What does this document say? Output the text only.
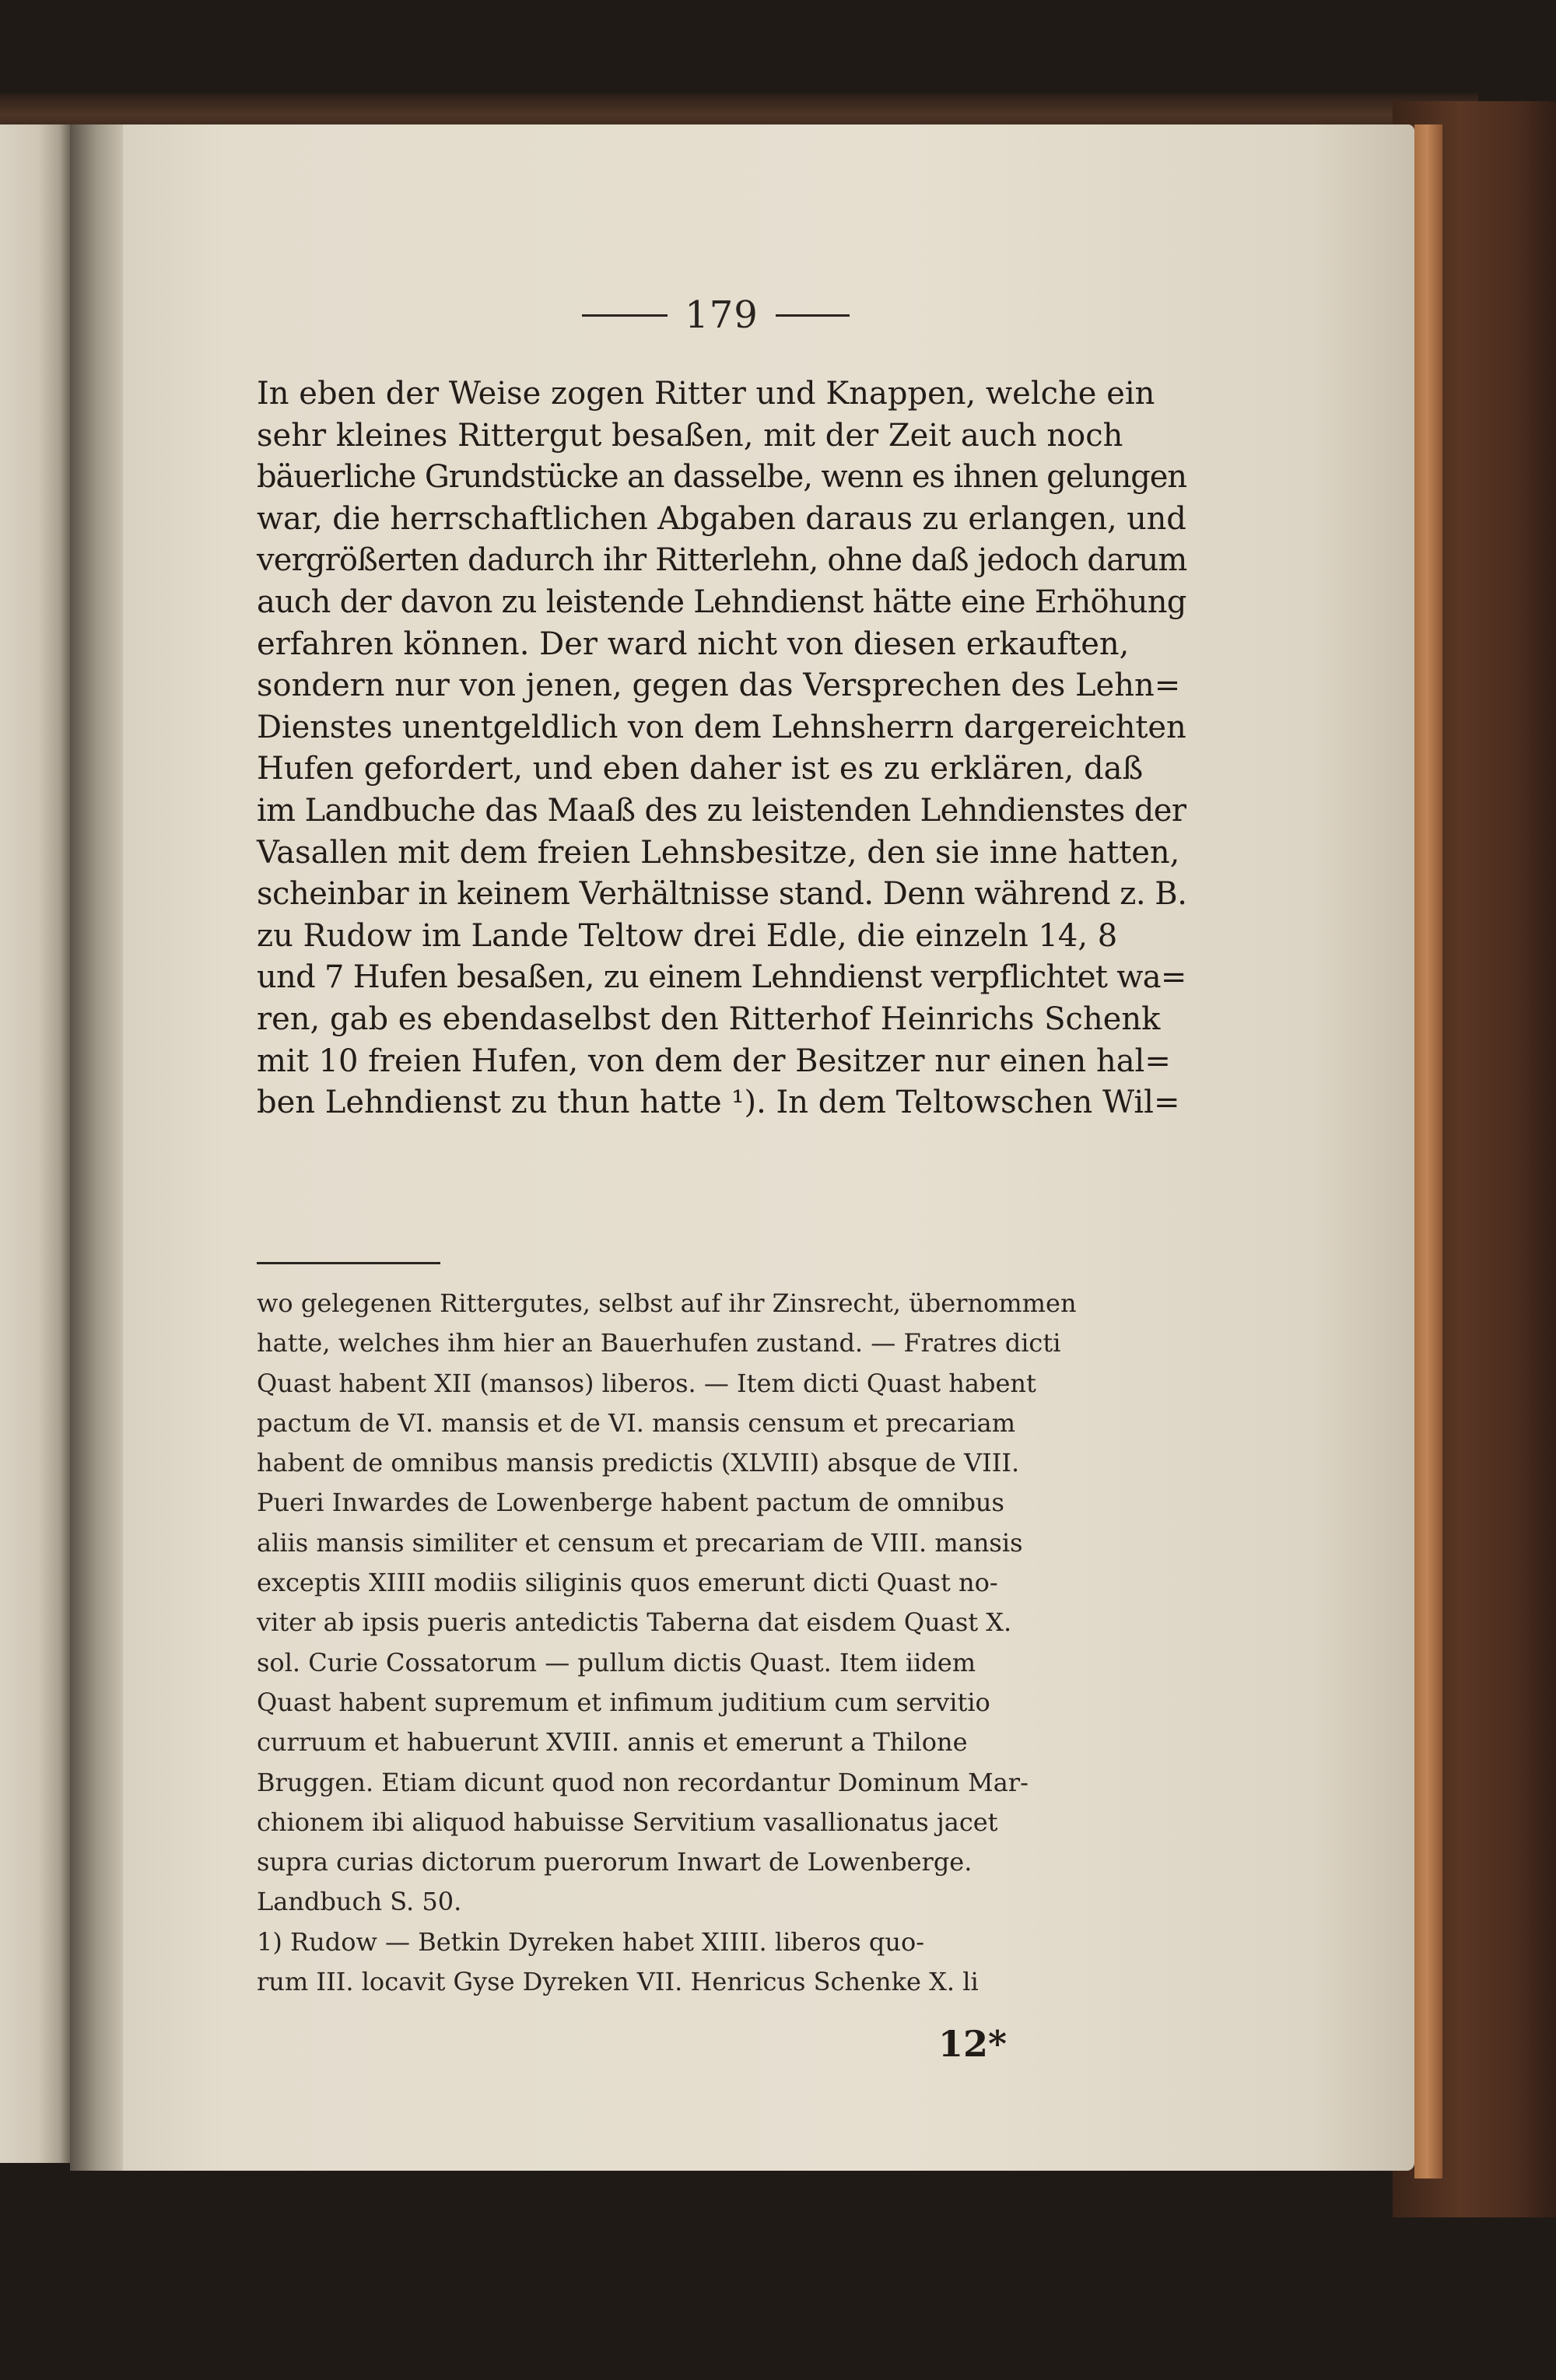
179
In eben der Weise zogen Ritter und Knappen, welche ein
sehr kleines Rittergut besaßen, mit der Zeit auch noch
bäuerliche Grundstücke an dasselbe, wenn es ihnen gelungen
war, die herrschaftlichen Abgaben daraus zu erlangen, und
vergrößerten dadurch ihr Ritterlehn, ohne daß jedoch darum
auch der davon zu leistende Lehndienst hätte eine Erhöhung
erfahren können. Der ward nicht von diesen erkauften,
sondern nur von jenen, gegen das Versprechen des Lehn=
Dienstes unentgeldlich von dem Lehnsherrn dargereichten
Hufen gefordert, und eben daher ist es zu erklären, daß
im Landbuche das Maaß des zu leistenden Lehndienstes der
Vasallen mit dem freien Lehnsbesitze, den sie inne hatten,
scheinbar in keinem Verhältnisse stand. Denn während z. B.
zu Rudow im Lande Teltow drei Edle, die einzeln 14, 8
und 7 Hufen besaßen, zu einem Lehndienst verpflichtet wa=
ren, gab es ebendaselbst den Ritterhof Heinrichs Schenk
mit 10 freien Hufen, von dem der Besitzer nur einen hal=
ben Lehndienst zu thun hatte ¹). In dem Teltowschen Wil=
wo gelegenen Rittergutes, selbst auf ihr Zinsrecht, übernommen
hatte, welches ihm hier an Bauerhufen zustand. — Fratres dicti
Quast habent XII (mansos) liberos. — Item dicti Quast habent
pactum de VI. mansis et de VI. mansis censum et precariam
habent de omnibus mansis predictis (XLVIII) absque de VIII.
Pueri Inwardes de Lowenberge habent pactum de omnibus
aliis mansis similiter et censum et precariam de VIII. mansis
exceptis XIIII modiis siliginis quos emerunt dicti Quast no-
viter ab ipsis pueris antedictis Taberna dat eisdem Quast X.
sol. Curie Cossatorum — pullum dictis Quast. Item iidem
Quast habent supremum et infimum juditium cum servitio
curruum et habuerunt XVIII. annis et emerunt a Thilone
Bruggen. Etiam dicunt quod non recordantur Dominum Mar-
chionem ibi aliquod habuisse Servitium vasallionatus jacet
supra curias dictorum puerorum Inwart de Lowenberge.
Landbuch S. 50.
1) Rudow — Betkin Dyreken habet XIIII. liberos quo-
rum III. locavit Gyse Dyreken VII. Henricus Schenke X. li
12*
